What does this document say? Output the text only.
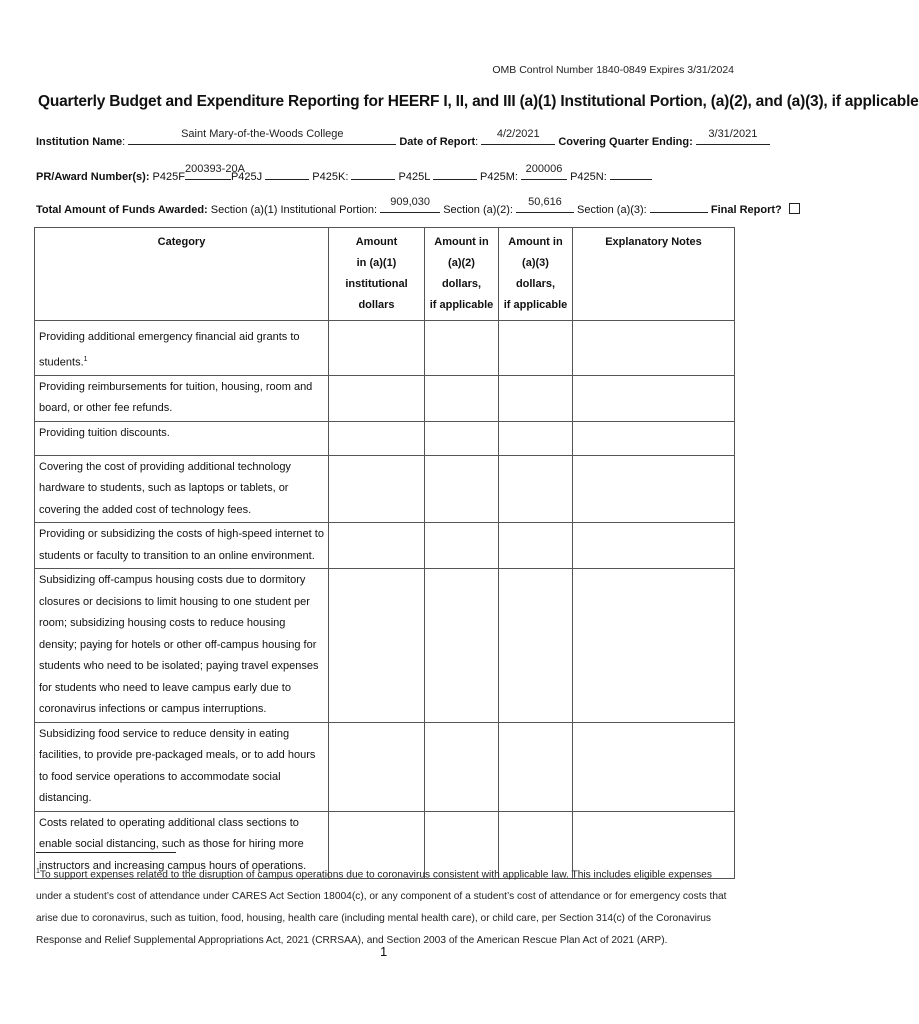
OMB Control Number 1840-0849 Expires 3/31/2024
Quarterly Budget and Expenditure Reporting for HEERF I, II, and III (a)(1) Institutional Portion, (a)(2), and (a)(3), if applicable
Institution Name:
Saint Mary-of-the-Woods College
Date of Report:
4/2/2021
Covering Quarter Ending:
3/31/2021
PR/Award Number(s): P425F
200393-20A
P425J	P425K:	P425L	P425M:
200006
P425N:
Total Amount of Funds Awarded: Section (a)(1) Institutional Portion:
909,030
Section (a)(2):
50,616
Section (a)(3):	Final Report?
Category	Amount
in (a)(1)
institutional dollars	Amount in
(a)(2) dollars,
if applicable	Amount in
(a)(3) dollars,
if applicable	Explanatory Notes
Providing additional emergency financial aid grants to students.$^1$				
Providing reimbursements for tuition, housing, room and board, or other fee refunds.				
Providing tuition discounts.				
Covering the cost of providing additional technology hardware to students, such as laptops or tablets, or covering the added cost of technology fees.				
Providing or subsidizing the costs of high-speed internet to students or faculty to transition to an online environment.				
Subsidizing off-campus housing costs due to dormitory closures or decisions to limit housing to one student per room; subsidizing housing costs to reduce housing density; paying for hotels or other off-campus housing for students who need to be isolated; paying travel expenses for students who need to leave campus early due to coronavirus infections or campus interruptions.				
Subsidizing food service to reduce density in eating facilities, to provide pre-packaged meals, or to add hours to food service operations to accommodate social distancing.				
Costs related to operating additional class sections to enable social distancing, such as those for hiring more instructors and increasing campus hours of operations.				
$^1$To support expenses related to the disruption of campus operations due to coronavirus consistent with applicable law. This includes eligible expenses under a student’s cost of attendance under CARES Act Section 18004(c), or any component of a student’s cost of attendance or for emergency costs that arise due to coronavirus, such as tuition, food, housing, health care (including mental health care), or child care, per Section 314(c) of the Coronavirus Response and Relief Supplemental Appropriations Act, 2021 (CRRSAA), and Section 2003 of the American Rescue Plan Act of 2021 (ARP).
1
